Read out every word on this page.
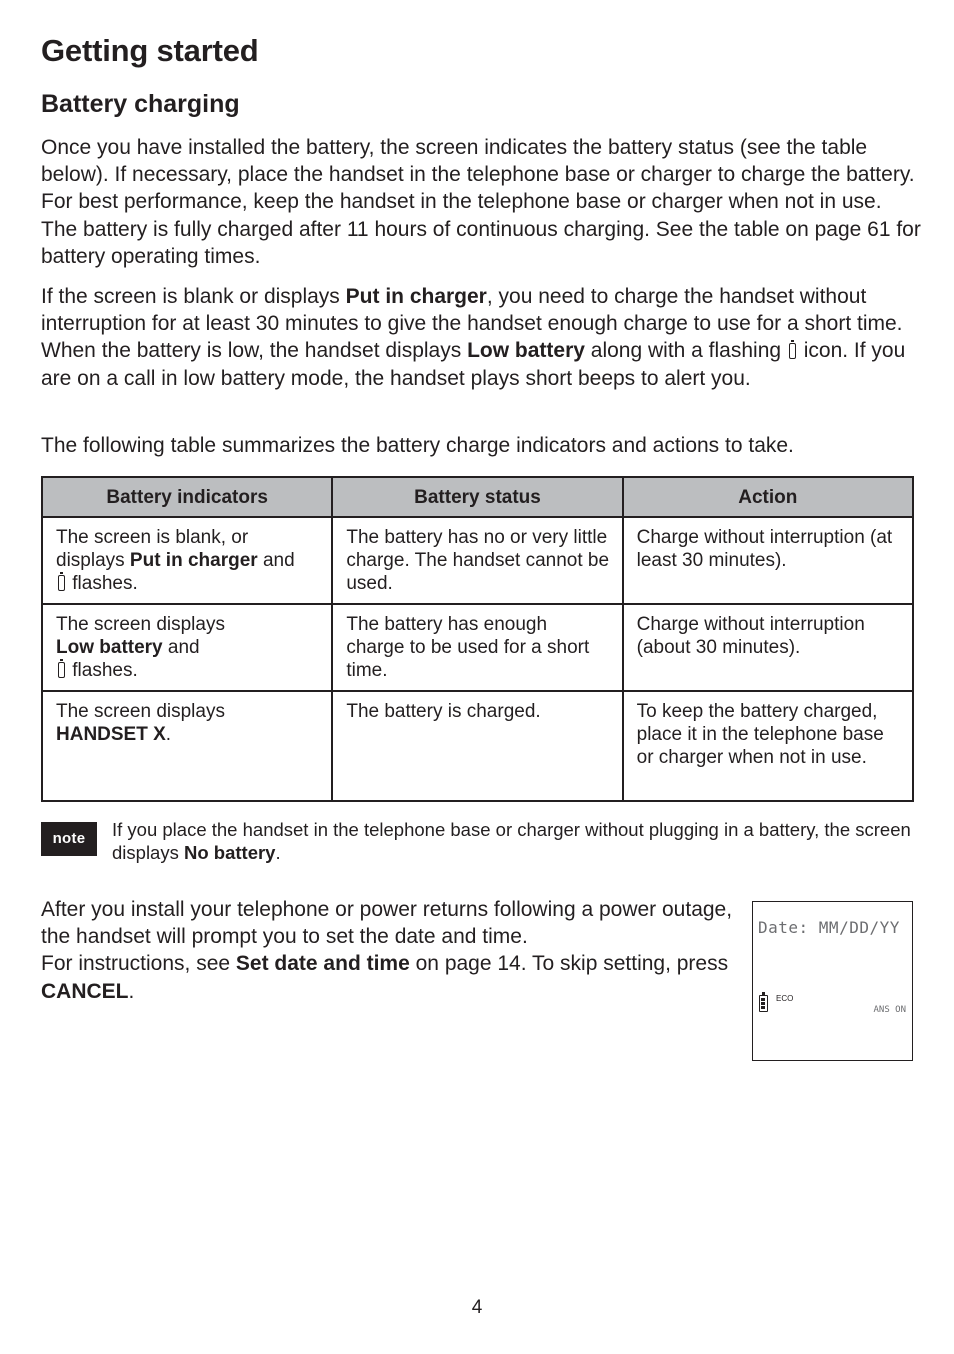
Getting started
Battery charging

Once you have installed the battery, the screen indicates the battery status (see the table below). If necessary, place the handset in the telephone base or charger to charge the battery. For best performance, keep the handset in the telephone base or charger when not in use. The battery is fully charged after 11 hours of continuous charging. See the table on page 61 for battery operating times.

If the screen is blank or displays Put in charger, you need to charge the handset without interruption for at least 30 minutes to give the handset enough charge to use for a short time. When the battery is low, the handset displays Low battery along with a flashing  icon. If you are on a call in low battery mode, the handset plays short beeps to alert you.

The following table summarizes the battery charge indicators and actions to take.

Battery indicators	Battery status	Action
The screen is blank, or displays Put in charger and
flashes.	The battery has no or very little charge. The handset cannot be used.	Charge without interruption (at least 30 minutes).
The screen displays
Low battery and
flashes.	The battery has enough charge to be used for a short time.	Charge without interruption (about 30 minutes).
The screen displays
HANDSET X.	The battery is charged.	To keep the battery charged, place it in the telephone base or charger when not in use.
note	If you place the handset in the telephone base or charger without plugging in a battery, the screen displays No battery.

After you install your telephone or power returns following a power outage, the handset will prompt you to set the date and time.
For instructions, see Set date and time on page 14. To skip setting, press CANCEL.

Date: MM/DD/YY
ECO
ANS ON
4
